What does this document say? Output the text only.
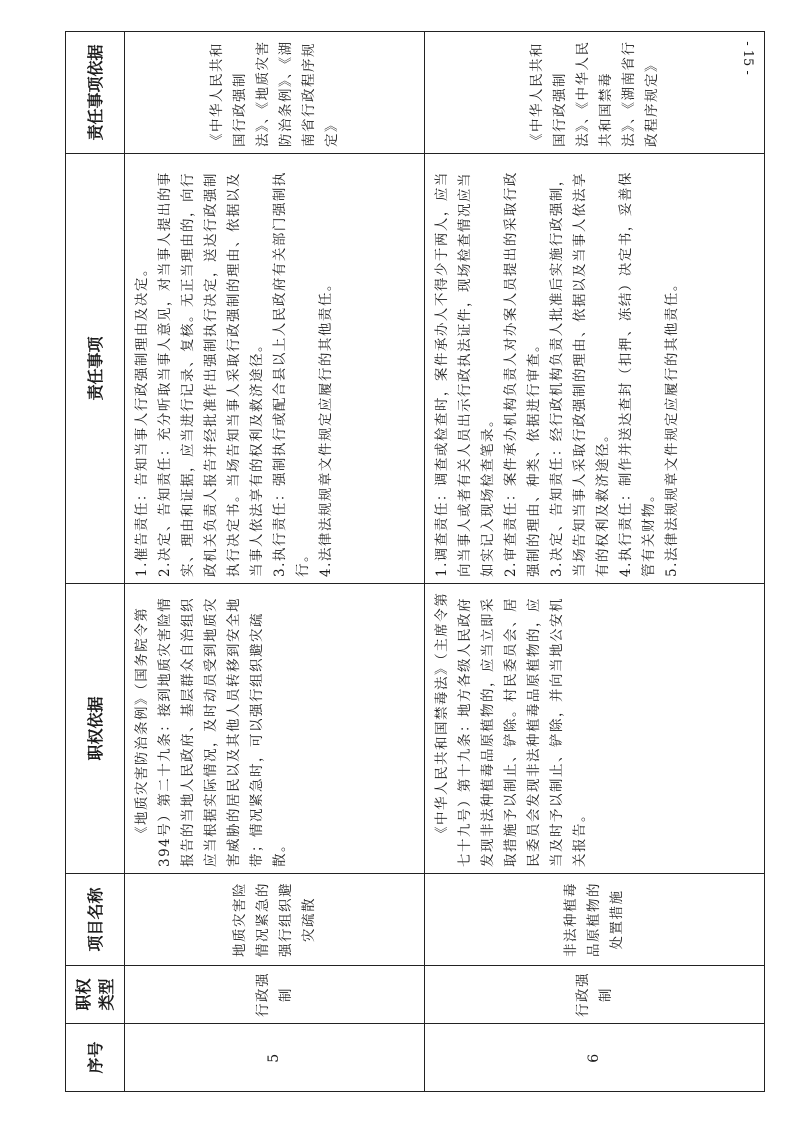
- 15 -
序号	职权类型	项目名称	职权依据	责任事项	责任事项依据
5	行政强制	地质灾害险情况紧急的强行组织避灾疏散	《地质灾害防治条例》（国务院令第394号）第二十九条：接到地质灾害险情报告的当地人民政府、基层群众自治组织应当根据实际情况，及时动员受到地质灾害威胁的居民以及其他人员转移到安全地带；情况紧急时，可以强行组织避灾疏散。	1.催告责任：告知当事人行政强制理由及决定。 2.决定、告知责任：充分听取当事人意见，对当事人提出的事实、理由和证据，应当进行记录、复核。无正当理由的，向行政机关负责人报告并经批准作出强制执行决定，送达行政强制执行决定书。当场告知当事人采取行政强制的理由、依据以及当事人依法享有的权利及救济途径。 3.执行责任：强制执行或配合县以上人民政府有关部门强制执行。 4.法律法规规章文件规定应履行的其他责任。	《中华人民共和国行政强制法》、《地质灾害防治条例》、《湖南省行政程序规定》
6	行政强制	非法种植毒品原植物的处置措施	《中华人民共和国禁毒法》（主席令第七十九号）第十九条：地方各级人民政府发现非法种植毒品原植物的，应当立即采取措施予以制止、铲除。村民委员会、居民委员会发现非法种植毒品原植物的，应当及时予以制止、铲除，并向当地公安机关报告。	1.调查责任：调查或检查时，案件承办人不得少于两人，应当向当事人或者有关人员出示行政执法证件，现场检查情况应当如实记入现场检查笔录。 2.审查责任：案件承办机构负责人对办案人员提出的采取行政强制的理由、种类、依据进行审查。 3.决定、告知责任：经行政机构负责人批准后实施行政强制，当场告知当事人采取行政强制的理由、依据以及当事人依法享有的权利及救济途径。 4.执行责任：制作并送达查封（扣押、冻结）决定书，妥善保管有关财物。 5.法律法规规章文件规定应履行的其他责任。	《中华人民共和国行政强制法》、《中华人民共和国禁毒法》、《湖南省行政程序规定》
